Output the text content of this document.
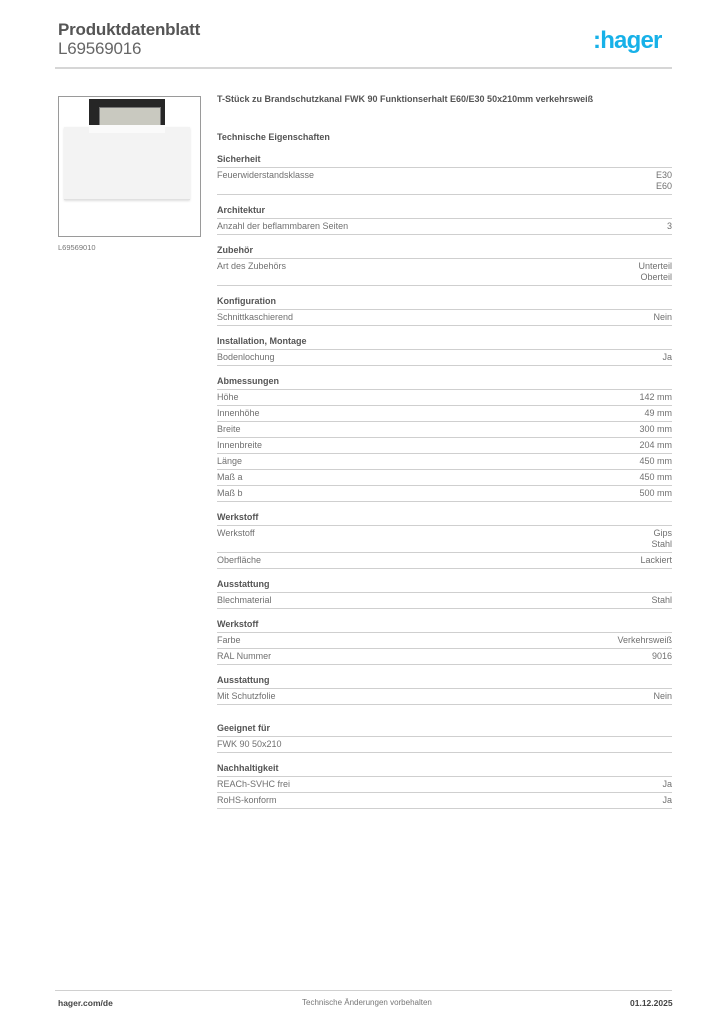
Produktdatenblatt
L69569016	:hager
L69569010
T-Stück zu Brandschutzkanal FWK 90 Funktionserhalt E60/E30 50x210mm verkehrsweiß
Technische Eigenschaften
Sicherheit
Feuerwiderstandsklasse	E30
E60
Architektur
Anzahl der beflammbaren Seiten	3
Zubehör
Art des Zubehörs	Unterteil
Oberteil
Konfiguration
Schnittkaschierend	Nein
Installation, Montage
Bodenlochung	Ja
Abmessungen
Höhe	142 mm
Innenhöhe	49 mm
Breite	300 mm
Innenbreite	204 mm
Länge	450 mm
Maß a	450 mm
Maß b	500 mm
Werkstoff
Werkstoff	Gips
Stahl
Oberfläche	Lackiert
Ausstattung
Blechmaterial	Stahl
Werkstoff
Farbe	Verkehrsweiß
RAL Nummer	9016
Ausstattung
Mit Schutzfolie	Nein
Geeignet für
FWK 90 50x210
Nachhaltigkeit
REACh-SVHC frei	Ja
RoHS-konform	Ja
hager.com/de	Technische Änderungen vorbehalten	01.12.2025
